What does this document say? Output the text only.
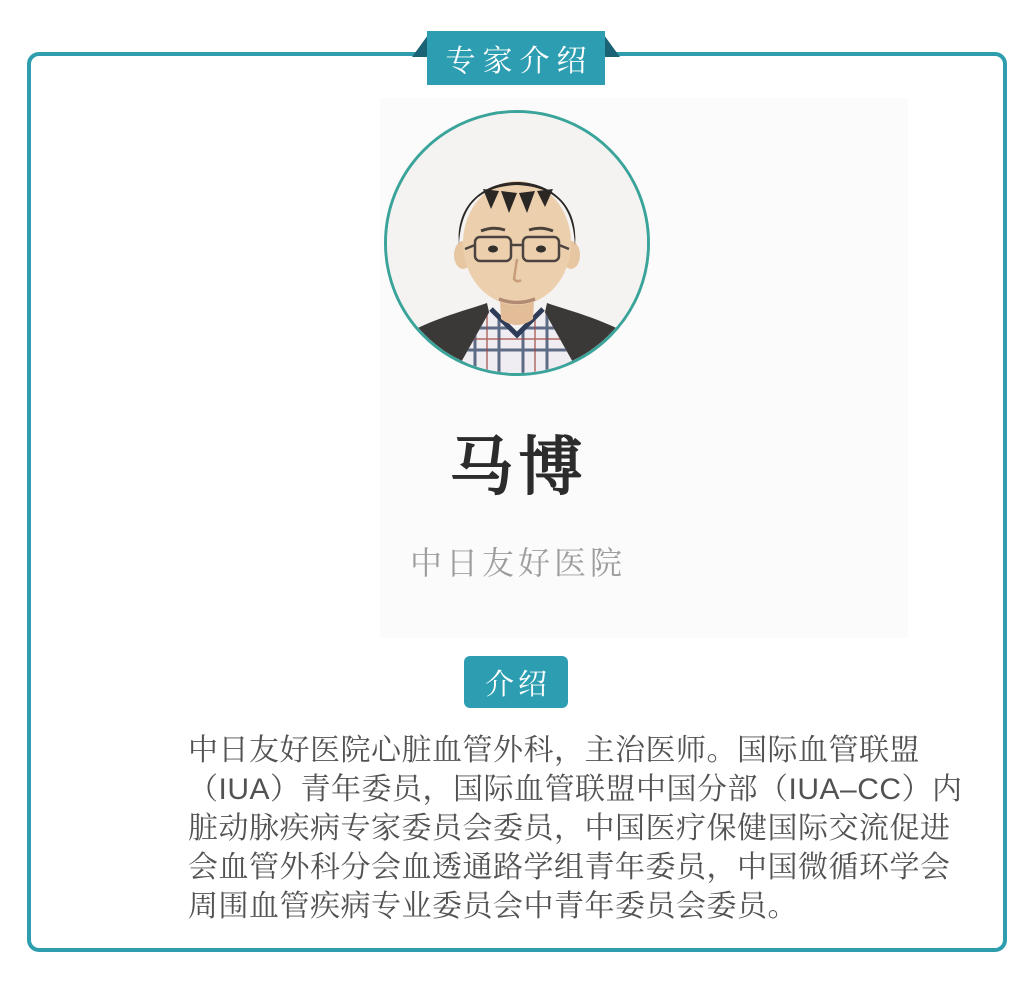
专家介绍
马博
中日友好医院
介绍
中日友好医院心脏血管外科，主治医师。国际血管联盟
（IUA）青年委员，国际血管联盟中国分部（IUA–CC）内
脏动脉疾病专家委员会委员，中国医疗保健国际交流促进
会血管外科分会血透通路学组青年委员，中国微循环学会
周围血管疾病专业委员会中青年委员会委员。
